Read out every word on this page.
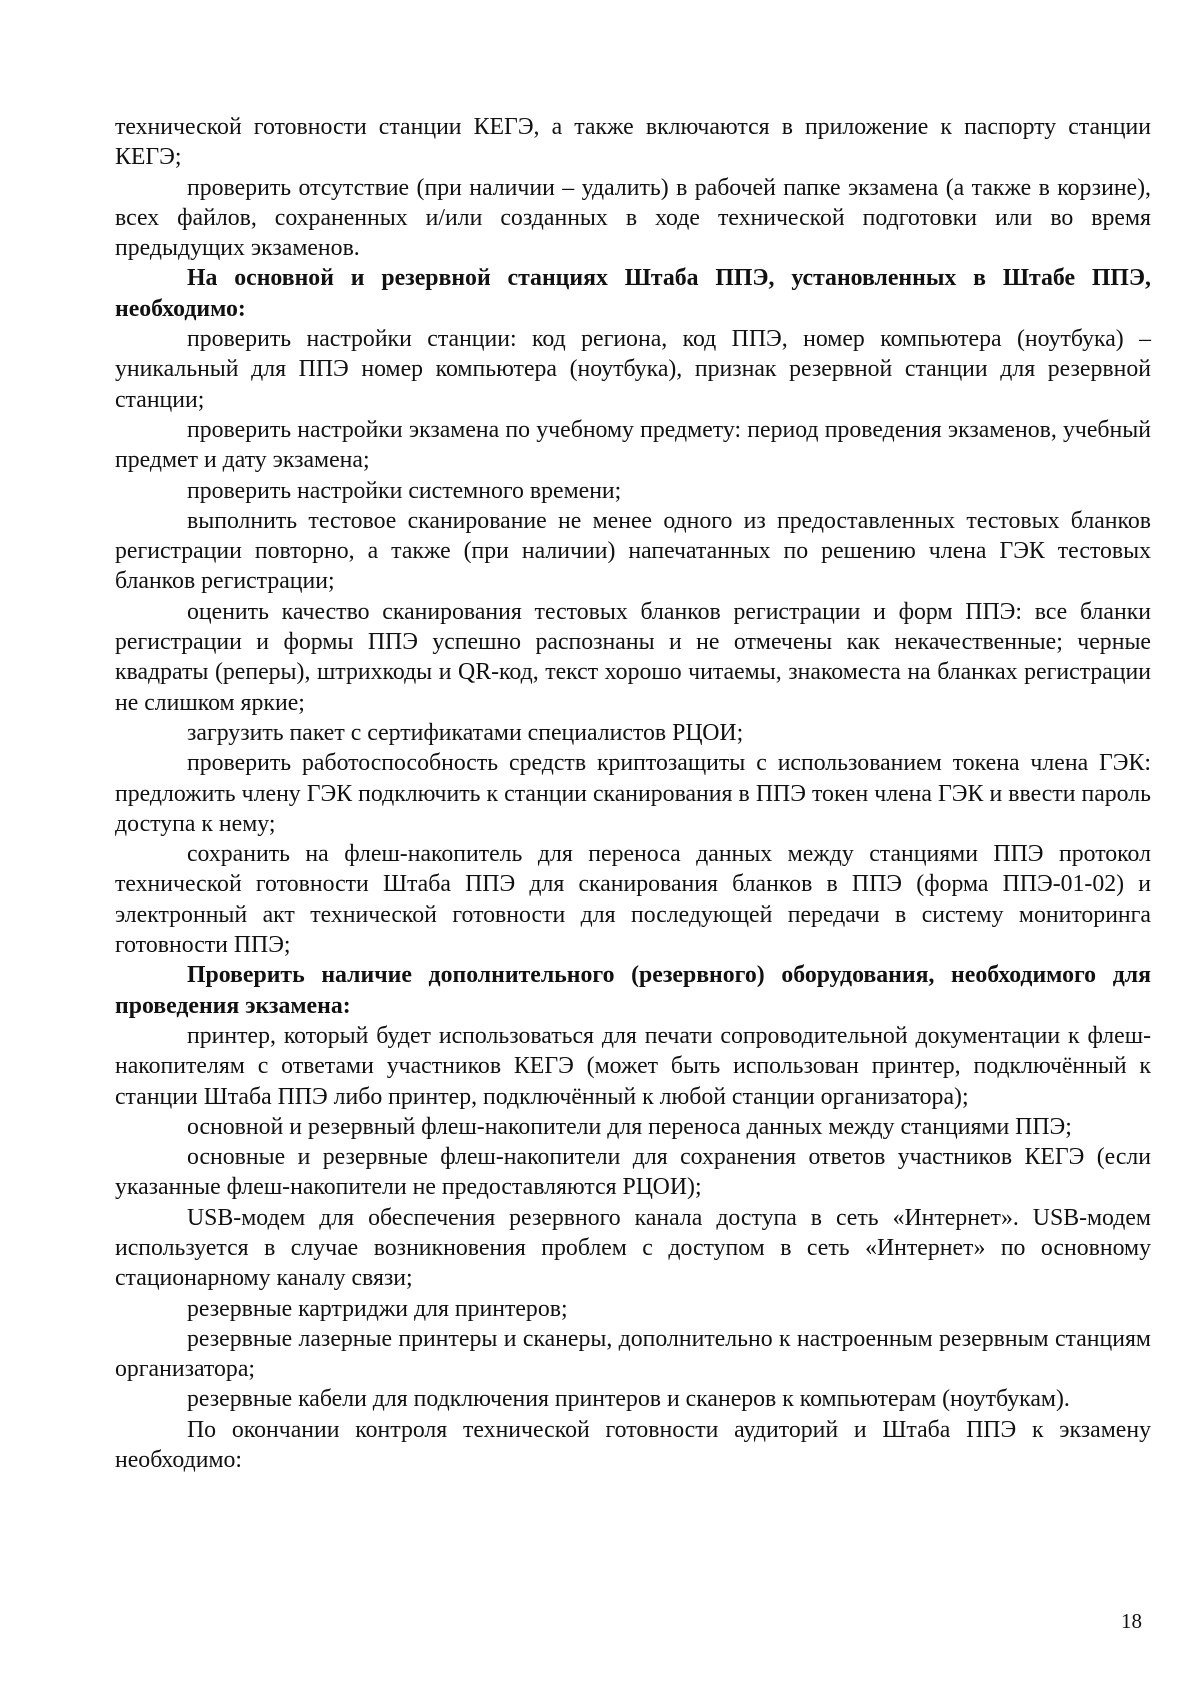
технической готовности станции КЕГЭ, а также включаются в приложение к паспорту станции КЕГЭ;

проверить отсутствие (при наличии – удалить) в рабочей папке экзамена (а также в корзине), всех файлов, сохраненных и/или созданных в ходе технической подготовки или во время предыдущих экзаменов.

На основной и резервной станциях Штаба ППЭ, установленных в Штабе ППЭ, необходимо:

проверить настройки станции: код региона, код ППЭ, номер компьютера (ноутбука) – уникальный для ППЭ номер компьютера (ноутбука), признак резервной станции для резервной станции;

проверить настройки экзамена по учебному предмету: период проведения экзаменов, учебный предмет и дату экзамена;

проверить настройки системного времени;

выполнить тестовое сканирование не менее одного из предоставленных тестовых бланков регистрации повторно, а также (при наличии) напечатанных по решению члена ГЭК тестовых бланков регистрации;

оценить качество сканирования тестовых бланков регистрации и форм ППЭ: все бланки регистрации и формы ППЭ успешно распознаны и не отмечены как некачественные; черные квадраты (реперы), штрихкоды и QR-код, текст хорошо читаемы, знакоместа на бланках регистрации не слишком яркие;

загрузить пакет с сертификатами специалистов РЦОИ;

проверить работоспособность средств криптозащиты с использованием токена члена ГЭК: предложить члену ГЭК подключить к станции сканирования в ППЭ токен члена ГЭК и ввести пароль доступа к нему;

сохранить на флеш-накопитель для переноса данных между станциями ППЭ протокол технической готовности Штаба ППЭ для сканирования бланков в ППЭ (форма ППЭ-01-02) и электронный акт технической готовности для последующей передачи в систему мониторинга готовности ППЭ;

Проверить наличие дополнительного (резервного) оборудования, необходимого для проведения экзамена:

принтер, который будет использоваться для печати сопроводительной документации к флеш-накопителям с ответами участников КЕГЭ (может быть использован принтер, подключённый к станции Штаба ППЭ либо принтер, подключённый к любой станции организатора);

основной и резервный флеш-накопители для переноса данных между станциями ППЭ;

основные и резервные флеш-накопители для сохранения ответов участников КЕГЭ (если указанные флеш-накопители не предоставляются РЦОИ);

USB-модем для обеспечения резервного канала доступа в сеть «Интернет». USB-модем используется в случае возникновения проблем с доступом в сеть «Интернет» по основному стационарному каналу связи;

резервные картриджи для принтеров;

резервные лазерные принтеры и сканеры, дополнительно к настроенным резервным станциям организатора;

резервные кабели для подключения принтеров и сканеров к компьютерам (ноутбукам).

По окончании контроля технической готовности аудиторий и Штаба ППЭ к экзамену необходимо:

18
